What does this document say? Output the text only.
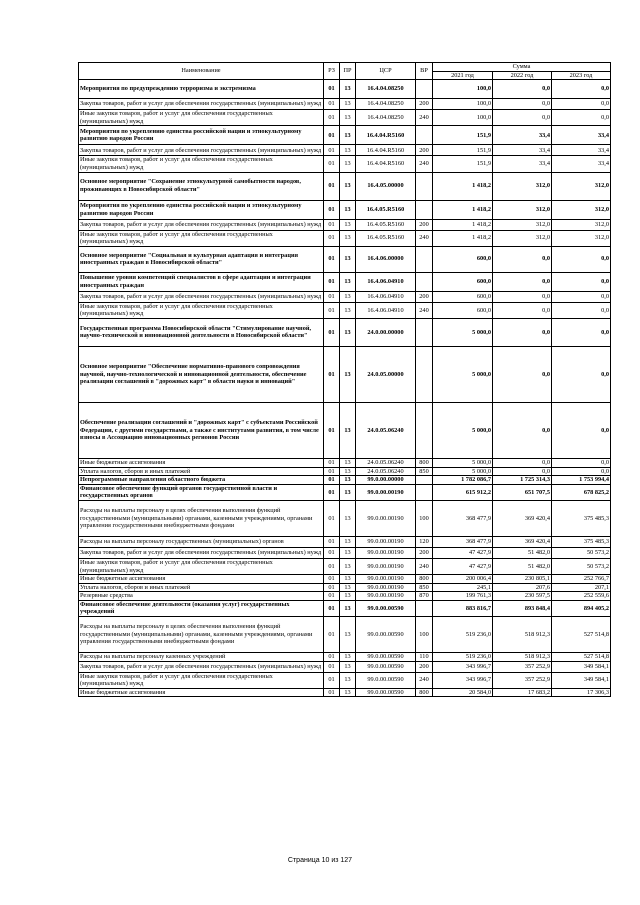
Наименование	РЗ	ПР	ЦСР	ВР	Сумма		
					2021 год	2022 год	2023 год
Мероприятия по предупреждению терроризма и экстремизма	01	13	16.4.04.08250		100,0	0,0	0,0
Закупка товаров, работ и услуг для обеспечения государственных (муниципальных) нужд	01	13	16.4.04.08250	200	100,0	0,0	0,0
Иные закупки товаров, работ и услуг для обеспечения государственных (муниципальных) нужд	01	13	16.4.04.08250	240	100,0	0,0	0,0
Мероприятия по укреплению единства российской нации и этнокультурному развитию народов России	01	13	16.4.04.R5160		151,9	33,4	33,4
Закупка товаров, работ и услуг для обеспечения государственных (муниципальных) нужд	01	13	16.4.04.R5160	200	151,9	33,4	33,4
Иные закупки товаров, работ и услуг для обеспечения государственных (муниципальных) нужд	01	13	16.4.04.R5160	240	151,9	33,4	33,4
Основное мероприятие "Сохранение этнокультурной самобытности народов, проживающих в Новосибирской области"	01	13	16.4.05.00000		1 418,2	312,0	312,0
Мероприятия по укреплению единства российской нации и этнокультурному развитию народов России	01	13	16.4.05.R5160		1 418,2	312,0	312,0
Закупка товаров, работ и услуг для обеспечения государственных (муниципальных) нужд	01	13	16.4.05.R5160	200	1 418,2	312,0	312,0
Иные закупки товаров, работ и услуг для обеспечения государственных (муниципальных) нужд	01	13	16.4.05.R5160	240	1 418,2	312,0	312,0
Основное мероприятие "Социальная и культурная адаптация и интеграция иностранных граждан в Новосибирской области"	01	13	16.4.06.00000		600,0	0,0	0,0
Повышение уровня компетенций специалистов в сфере адаптации и интеграции иностранных граждан	01	13	16.4.06.04910		600,0	0,0	0,0
Закупка товаров, работ и услуг для обеспечения государственных (муниципальных) нужд	01	13	16.4.06.04910	200	600,0	0,0	0,0
Иные закупки товаров, работ и услуг для обеспечения государственных (муниципальных) нужд	01	13	16.4.06.04910	240	600,0	0,0	0,0
Государственная программа Новосибирской области "Стимулирование научной, научно-технической и инновационной деятельности в Новосибирской области"	01	13	24.0.00.00000		5 000,0	0,0	0,0
Основное мероприятие "Обеспечение нормативно-правового сопровождения научной, научно-технологической и инновационной деятельности, обеспечение реализации соглашений в "дорожных карт" в области науки и инноваций"	01	13	24.0.05.00000		5 000,0	0,0	0,0
Обеспечение реализации соглашений и "дорожных карт" с субъектами Российской Федерации, с другими государствами, а также с институтами развития, в том числе взносы в Ассоциацию инновационных регионов России	01	13	24.0.05.06240		5 000,0	0,0	0,0
Иные бюджетные ассигнования	01	13	24.0.05.06240	800	5 000,0	0,0	0,0
Уплата налогов, сборов и иных платежей	01	13	24.0.05.06240	850	5 000,0	0,0	0,0
Непрограммные направления областного бюджета	01	13	99.0.00.00000		1 782 086,7	1 725 314,3	1 753 994,4
Финансовое обеспечение функций органов государственной власти и государственных органов	01	13	99.0.00.00190		615 912,2	651 707,5	678 825,2
Расходы на выплаты персоналу в целях обеспечения выполнения функций государственными (муниципальными) органами, казенными учреждениями, органами управления государственными внебюджетными фондами	01	13	99.0.00.00190	100	368 477,9	369 420,4	375 485,3
Расходы на выплаты персоналу государственных (муниципальных) органов	01	13	99.0.00.00190	120	368 477,9	369 420,4	375 485,3
Закупка товаров, работ и услуг для обеспечения государственных (муниципальных) нужд	01	13	99.0.00.00190	200	47 427,9	51 482,0	50 573,2
Иные закупки товаров, работ и услуг для обеспечения государственных (муниципальных) нужд	01	13	99.0.00.00190	240	47 427,9	51 482,0	50 573,2
Иные бюджетные ассигнования	01	13	99.0.00.00190	800	200 006,4	230 805,1	252 766,7
Уплата налогов, сборов и иных платежей	01	13	99.0.00.00190	850	245,1	207,6	207,1
Резервные средства	01	13	99.0.00.00190	870	199 761,3	230 597,5	252 559,6
Финансовое обеспечение деятельности (оказания услуг) государственных учреждений	01	13	99.0.00.00590		883 816,7	893 848,4	894 405,2
Расходы на выплаты персоналу в целях обеспечения выполнения функций государственными (муниципальными) органами, казенными учреждениями, органами управления государственными внебюджетными фондами	01	13	99.0.00.00590	100	519 236,0	518 912,3	527 514,8
Расходы на выплаты персоналу казенных учреждений	01	13	99.0.00.00590	110	519 236,0	518 912,3	527 514,8
Закупка товаров, работ и услуг для обеспечения государственных (муниципальных) нужд	01	13	99.0.00.00590	200	343 996,7	357 252,9	349 584,1
Иные закупки товаров, работ и услуг для обеспечения государственных (муниципальных) нужд	01	13	99.0.00.00590	240	343 996,7	357 252,9	349 584,1
Иные бюджетные ассигнования	01	13	99.0.00.00590	800	20 584,0	17 683,2	17 306,3
Страница 10 из 127
